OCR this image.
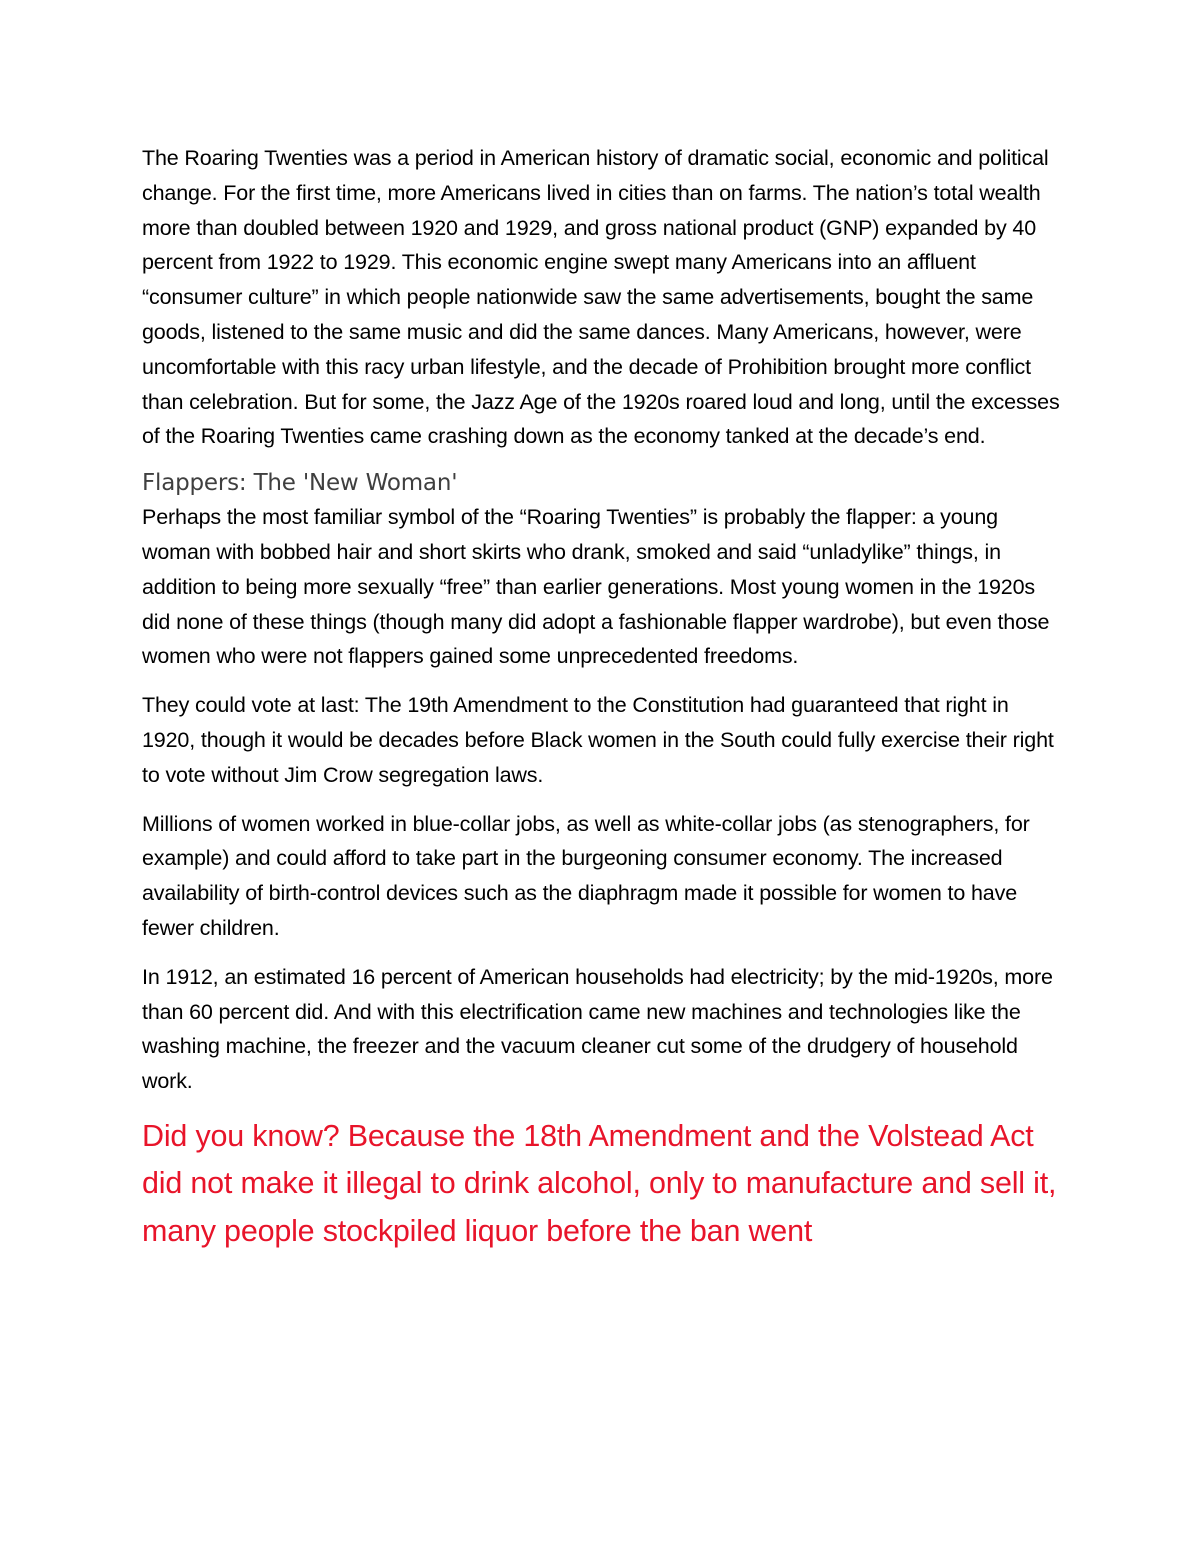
The Roaring Twenties was a period in American history of dramatic social, economic and political change. For the first time, more Americans lived in cities than on farms. The nation’s total wealth more than doubled between 1920 and 1929, and gross national product (GNP) expanded by 40 percent from 1922 to 1929. This economic engine swept many Americans into an affluent “consumer culture” in which people nationwide saw the same advertisements, bought the same goods, listened to the same music and did the same dances. Many Americans, however, were uncomfortable with this racy urban lifestyle, and the decade of Prohibition brought more conflict than celebration. But for some, the Jazz Age of the 1920s roared loud and long, until the excesses of the Roaring Twenties came crashing down as the economy tanked at the decade’s end.

Flappers: The 'New Woman'

Perhaps the most familiar symbol of the “Roaring Twenties” is probably the flapper: a young woman with bobbed hair and short skirts who drank, smoked and said “unladylike” things, in addition to being more sexually “free” than earlier generations. Most young women in the 1920s did none of these things (though many did adopt a fashionable flapper wardrobe), but even those women who were not flappers gained some unprecedented freedoms.

They could vote at last: The 19th Amendment to the Constitution had guaranteed that right in 1920, though it would be decades before Black women in the South could fully exercise their right to vote without Jim Crow segregation laws.

Millions of women worked in blue-collar jobs, as well as white-collar jobs (as stenographers, for example) and could afford to take part in the burgeoning consumer economy. The increased availability of birth-control devices such as the diaphragm made it possible for women to have fewer children.

In 1912, an estimated 16 percent of American households had electricity; by the mid-1920s, more than 60 percent did. And with this electrification came new machines and technologies like the washing machine, the freezer and the vacuum cleaner cut some of the drudgery of household work.

Did you know? Because the 18th Amendment and the Volstead Act did not make it illegal to drink alcohol, only to manufacture and sell it, many people stockpiled liquor before the ban went
